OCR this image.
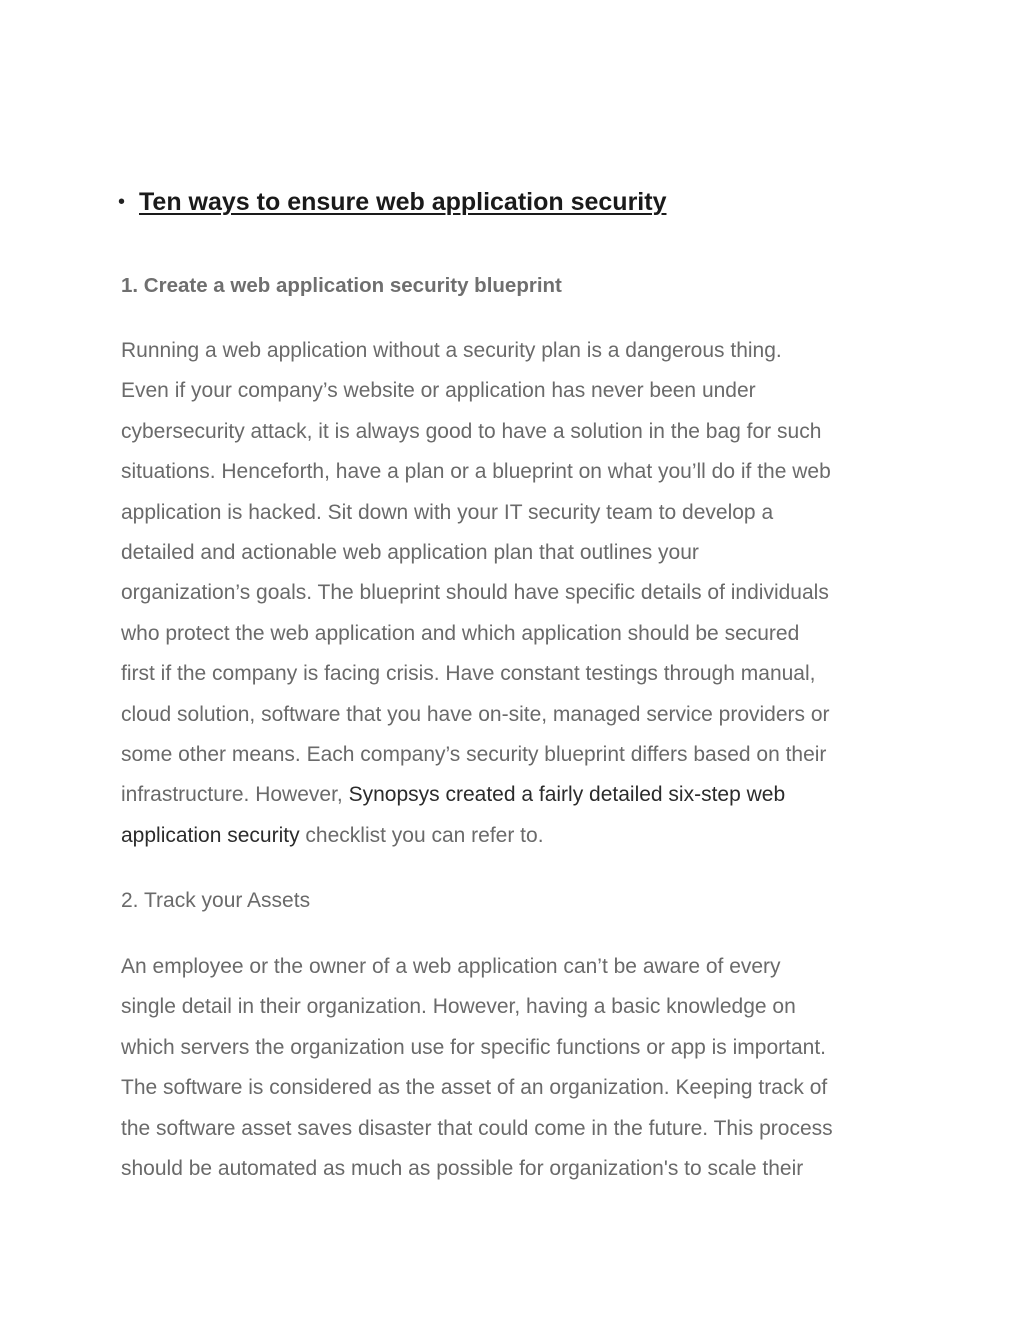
• Ten ways to ensure web application security
1. Create a web application security blueprint

Running a web application without a security plan is a dangerous thing.
Even if your company’s website or application has never been under
cybersecurity attack, it is always good to have a solution in the bag for such
situations. Henceforth, have a plan or a blueprint on what you’ll do if the web
application is hacked. Sit down with your IT security team to develop a
detailed and actionable web application plan that outlines your
organization’s goals. The blueprint should have specific details of individuals
who protect the web application and which application should be secured
first if the company is facing crisis. Have constant testings through manual,
cloud solution, software that you have on-site, managed service providers or
some other means. Each company’s security blueprint differs based on their
infrastructure. However, Synopsys created a fairly detailed six-step web
application security checklist you can refer to.

2. Track your Assets

An employee or the owner of a web application can’t be aware of every
single detail in their organization. However, having a basic knowledge on
which servers the organization use for specific functions or app is important.
The software is considered as the asset of an organization. Keeping track of
the software asset saves disaster that could come in the future. This process
should be automated as much as possible for organization's to scale their
